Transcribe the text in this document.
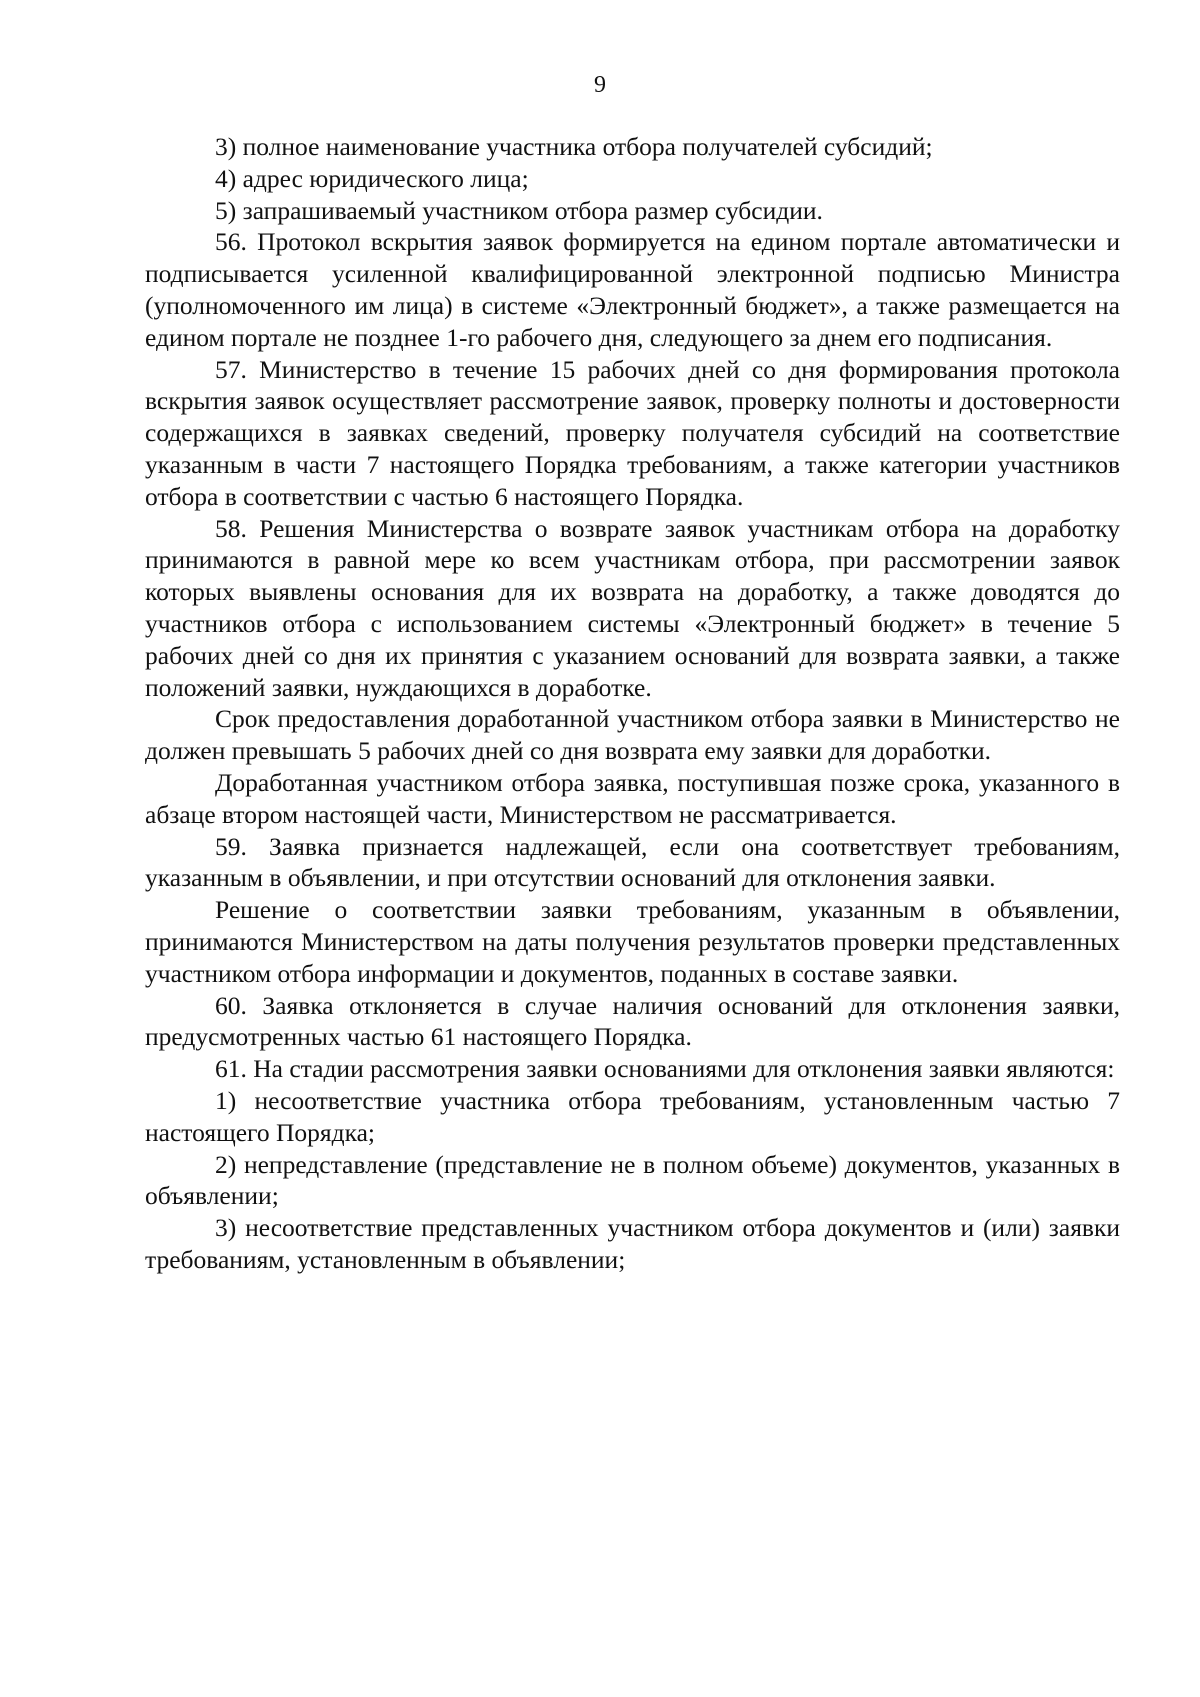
9

3) полное наименование участника отбора получателей субсидий;

4) адрес юридического лица;

5) запрашиваемый участником отбора размер субсидии.

56. Протокол вскрытия заявок формируется на едином портале автоматически и подписывается усиленной квалифицированной электронной подписью Министра (уполномоченного им лица) в системе «Электронный бюджет», а также размещается на едином портале не позднее 1-го рабочего дня, следующего за днем его подписания.

57. Министерство в течение 15 рабочих дней со дня формирования протокола вскрытия заявок осуществляет рассмотрение заявок, проверку полноты и достоверности содержащихся в заявках сведений, проверку получателя субсидий на соответствие указанным в части 7 настоящего Порядка требованиям, а также категории участников отбора в соответствии с частью 6 настоящего Порядка.

58. Решения Министерства о возврате заявок участникам отбора на доработку принимаются в равной мере ко всем участникам отбора, при рассмотрении заявок которых выявлены основания для их возврата на доработку, а также доводятся до участников отбора с использованием системы «Электронный бюджет» в течение 5 рабочих дней со дня их принятия с указанием оснований для возврата заявки, а также положений заявки, нуждающихся в доработке.

Срок предоставления доработанной участником отбора заявки в Министерство не должен превышать 5 рабочих дней со дня возврата ему заявки для доработки.

Доработанная участником отбора заявка, поступившая позже срока, указанного в абзаце втором настоящей части, Министерством не рассматривается.

59. Заявка признается надлежащей, если она соответствует требованиям, указанным в объявлении, и при отсутствии оснований для отклонения заявки.

Решение о соответствии заявки требованиям, указанным в объявлении, принимаются Министерством на даты получения результатов проверки представленных участником отбора информации и документов, поданных в составе заявки.

60. Заявка отклоняется в случае наличия оснований для отклонения заявки, предусмотренных частью 61 настоящего Порядка.

61. На стадии рассмотрения заявки основаниями для отклонения заявки являются:

1) несоответствие участника отбора требованиям, установленным частью 7 настоящего Порядка;

2) непредставление (представление не в полном объеме) документов, указанных в объявлении;

3) несоответствие представленных участником отбора документов и (или) заявки требованиям, установленным в объявлении;
